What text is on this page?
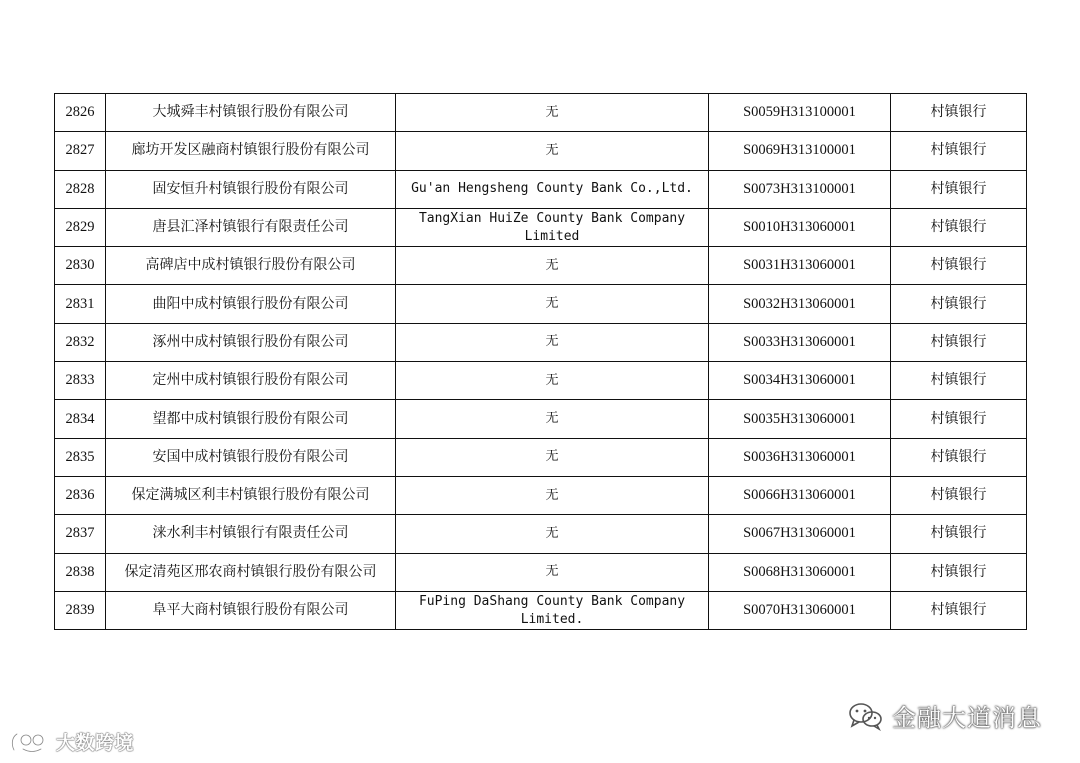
2826	大城舜丰村镇银行股份有限公司	无	S0059H313100001	村镇银行
2827	廊坊开发区融商村镇银行股份有限公司	无	S0069H313100001	村镇银行
2828	固安恒升村镇银行股份有限公司	Gu'an Hengsheng County Bank Co.,Ltd.	S0073H313100001	村镇银行
2829	唐县汇泽村镇银行有限责任公司	TangXian HuiZe County Bank Company Limited	S0010H313060001	村镇银行
2830	高碑店中成村镇银行股份有限公司	无	S0031H313060001	村镇银行
2831	曲阳中成村镇银行股份有限公司	无	S0032H313060001	村镇银行
2832	涿州中成村镇银行股份有限公司	无	S0033H313060001	村镇银行
2833	定州中成村镇银行股份有限公司	无	S0034H313060001	村镇银行
2834	望都中成村镇银行股份有限公司	无	S0035H313060001	村镇银行
2835	安国中成村镇银行股份有限公司	无	S0036H313060001	村镇银行
2836	保定满城区利丰村镇银行股份有限公司	无	S0066H313060001	村镇银行
2837	涞水利丰村镇银行有限责任公司	无	S0067H313060001	村镇银行
2838	保定清苑区邢农商村镇银行股份有限公司	无	S0068H313060001	村镇银行
2839	阜平大商村镇银行股份有限公司	FuPing DaShang County Bank Company Limited.	S0070H313060001	村镇银行
大数跨境
金融大道消息
